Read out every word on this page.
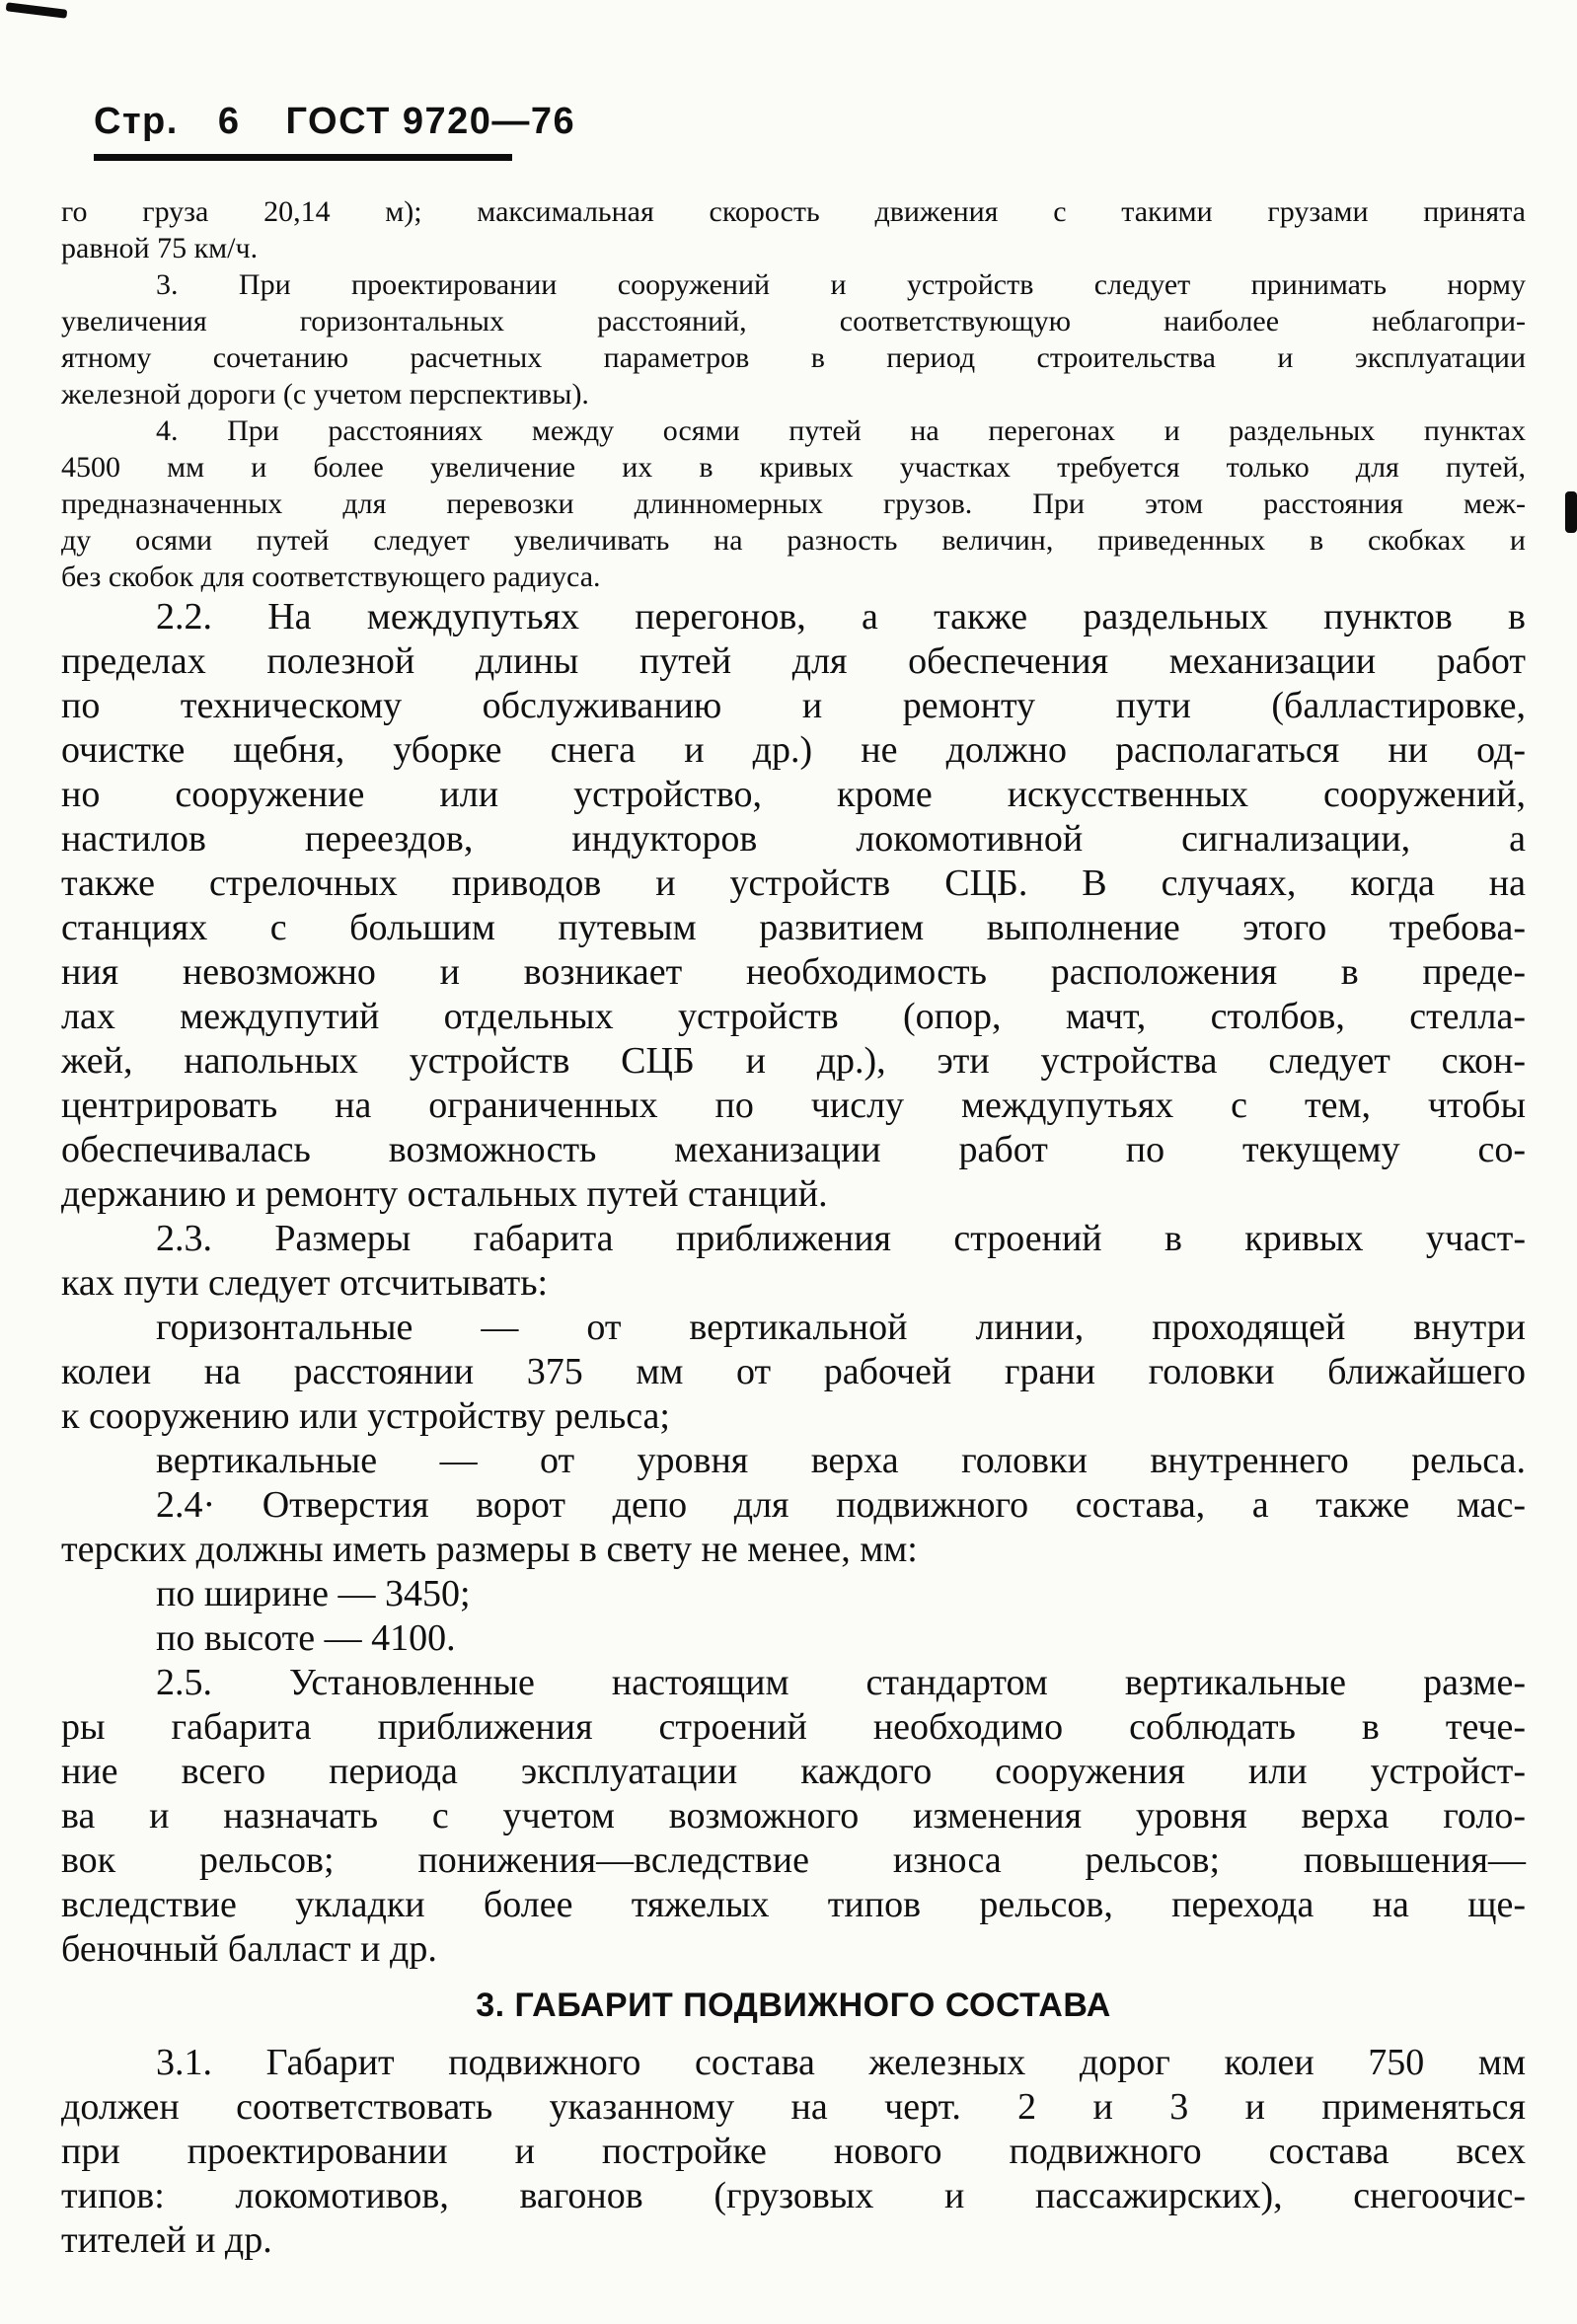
Стр. 6 ГОСТ 9720—76
го груза 20,14 м); максимальная скорость движения с такими грузами принята
равной 75 км/ч.
3. При проектировании сооружений и устройств следует принимать норму
увеличения горизонтальных расстояний, соответствующую наиболее неблагопри-
ятному сочетанию расчетных параметров в период строительства и эксплуатации
железной дороги (с учетом перспективы).
4. При расстояниях между осями путей на перегонах и раздельных пунктах
4500 мм и более увеличение их в кривых участках требуется только для путей,
предназначенных для перевозки длинномерных грузов. При этом расстояния меж-
ду осями путей следует увеличивать на разность величин, приведенных в скобках и
без скобок для соответствующего радиуса.
2.2. На междупутьях перегонов, а также раздельных пунктов в
пределах полезной длины путей для обеспечения механизации работ
по техническому обслуживанию и ремонту пути (балластировке,
очистке щебня, уборке снега и др.) не должно располагаться ни од-
но сооружение или устройство, кроме искусственных сооружений,
настилов переездов, индукторов локомотивной сигнализации, а
также стрелочных приводов и устройств СЦБ. В случаях, когда на
станциях с большим путевым развитием выполнение этого требова-
ния невозможно и возникает необходимость расположения в преде-
лах междупутий отдельных устройств (опор, мачт, столбов, стелла-
жей, напольных устройств СЦБ и др.), эти устройства следует скон-
центрировать на ограниченных по числу междупутьях с тем, чтобы
обеспечивалась возможность механизации работ по текущему со-
держанию и ремонту остальных путей станций.
2.3. Размеры габарита приближения строений в кривых участ-
ках пути следует отсчитывать:
горизонтальные — от вертикальной линии, проходящей внутри
колеи на расстоянии 375 мм от рабочей грани головки ближайшего
к сооружению или устройству рельса;
вертикальные — от уровня верха головки внутреннего рельса.
2.4· Отверстия ворот депо для подвижного состава, а также мас-
терских должны иметь размеры в свету не менее, мм:
по ширине — 3450;
по высоте — 4100.
2.5. Установленные настоящим стандартом вертикальные разме-
ры габарита приближения строений необходимо соблюдать в тече-
ние всего периода эксплуатации каждого сооружения или устройст-
ва и назначать с учетом возможного изменения уровня верха голо-
вок рельсов; понижения—вследствие износа рельсов; повышения—
вследствие укладки более тяжелых типов рельсов, перехода на ще-
беночный балласт и др.
3. ГАБАРИТ ПОДВИЖНОГО СОСТАВА
3.1. Габарит подвижного состава железных дорог колеи 750 мм
должен соответствовать указанному на черт. 2 и 3 и применяться
при проектировании и постройке нового подвижного состава всех
типов: локомотивов, вагонов (грузовых и пассажирских), снегоочис-
тителей и др.
